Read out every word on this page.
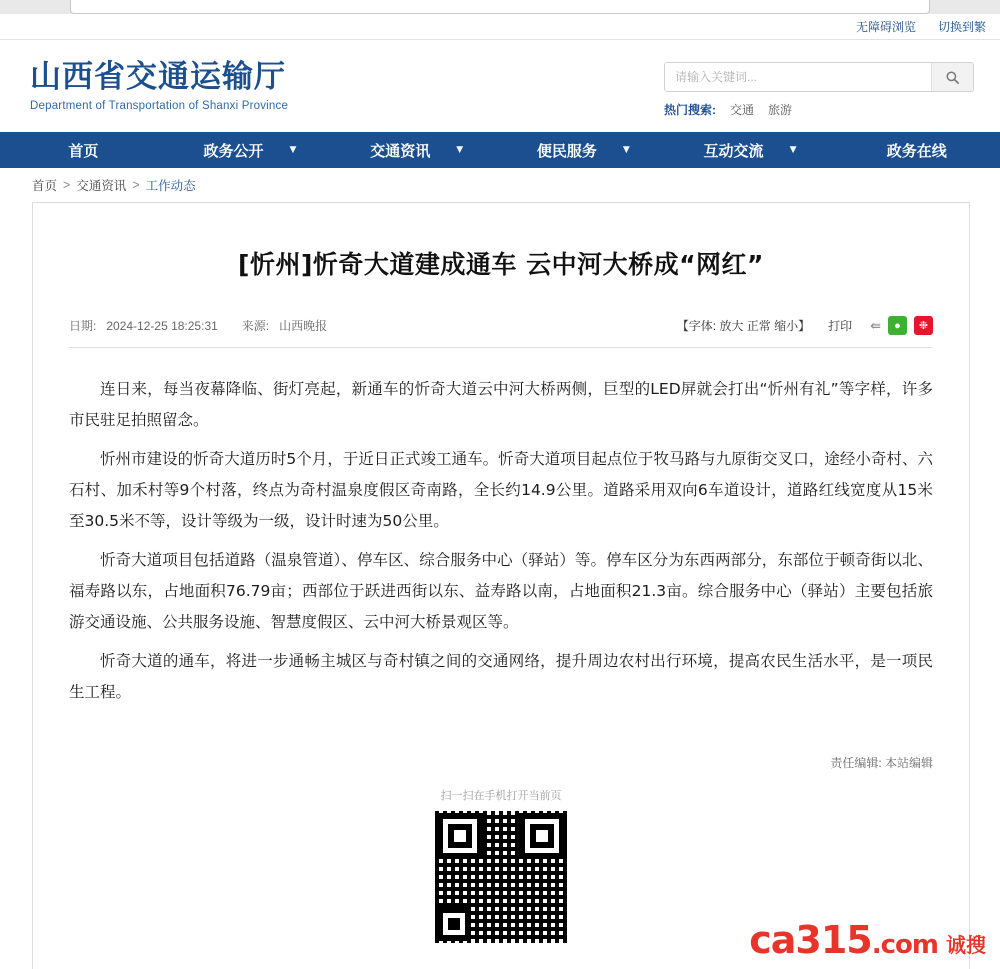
无障碍浏览 切换到繁
山西省交通运输厅
Department of Transportation of Shanxi Province
请输入关键词...	热门搜索: 交通 旅游
首页	政务公开	▼	交通资讯	▼	便民服务	▼	互动交流	▼	政务在线
首页 > 交通资讯 > 工作动态
[忻州]忻奇大道建成通车 云中河大桥成“网红”
日期: 2024-12-25 18:25:31 来源: 山西晚报	【字体: 放大 正常 缩小】 打印 ⇚	●	❉

连日来，每当夜幕降临、街灯亮起，新通车的忻奇大道云中河大桥两侧，巨型的LED屏就会打出“忻州有礼”等字样，许多市民驻足拍照留念。

忻州市建设的忻奇大道历时5个月，于近日正式竣工通车。忻奇大道项目起点位于牧马路与九原街交叉口，途经小奇村、六石村、加禾村等9个村落，终点为奇村温泉度假区奇南路，全长约14.9公里。道路采用双向6车道设计，道路红线宽度从15米至30.5米不等，设计等级为一级，设计时速为50公里。

忻奇大道项目包括道路（温泉管道）、停车区、综合服务中心（驿站）等。停车区分为东西两部分，东部位于顿奇街以北、福寿路以东，占地面积76.79亩；西部位于跃进西街以东、益寿路以南，占地面积21.3亩。综合服务中心（驿站）主要包括旅游交通设施、公共服务设施、智慧度假区、云中河大桥景观区等。

忻奇大道的通车，将进一步通畅主城区与奇村镇之间的交通网络，提升周边农村出行环境，提高农民生活水平，是一项民生工程。

责任编辑: 本站编辑
扫一扫在手机打开当前页
ca315.com 诚搜
